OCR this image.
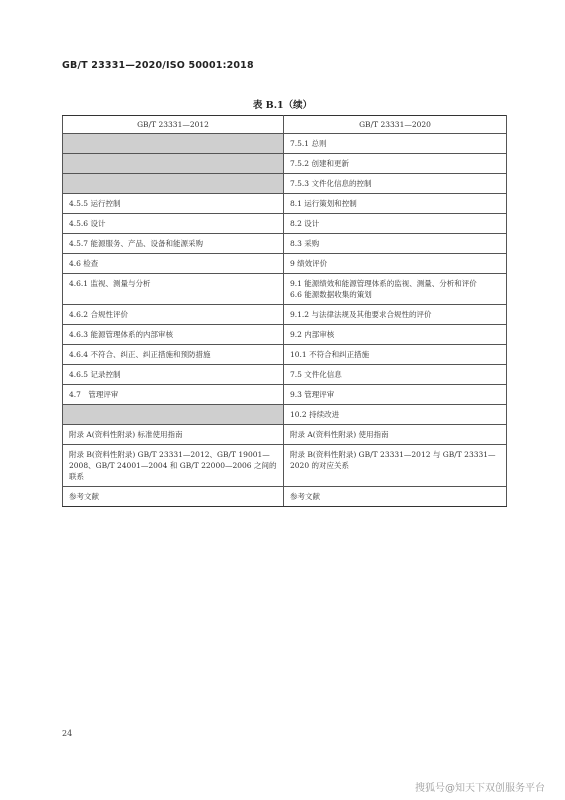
GB/T 23331—2020/ISO 50001:2018
表 B.1（续）
GB/T 23331—2012	GB/T 23331—2020
	7.5.1 总则
	7.5.2 创建和更新
	7.5.3 文件化信息的控制
4.5.5 运行控制	8.1 运行策划和控制
4.5.6 设计	8.2 设计
4.5.7 能源服务、产品、设备和能源采购	8.3 采购
4.6 检查	9 绩效评价
4.6.1 监视、测量与分析	9.1 能源绩效和能源管理体系的监视、测量、分析和评价
6.6 能源数据收集的策划
4.6.2 合规性评价	9.1.2 与法律法规及其他要求合规性的评价
4.6.3 能源管理体系的内部审核	9.2 内部审核
4.6.4 不符合、纠正、纠正措施和预防措施	10.1 不符合和纠正措施
4.6.5 记录控制	7.5 文件化信息
4.7　管理评审	9.3 管理评审
	10.2 持续改进
附录 A(资料性附录) 标准使用指南	附录 A(资料性附录) 使用指南
附录 B(资料性附录) GB/T 23331—2012、GB/T 19001—2008、GB/T 24001—2004 和 GB/T 22000—2006 之间的联系	附录 B(资料性附录) GB/T 23331—2012 与 GB/T 23331—2020 的对应关系
参考文献	参考文献
24
搜狐号@知天下双创服务平台
